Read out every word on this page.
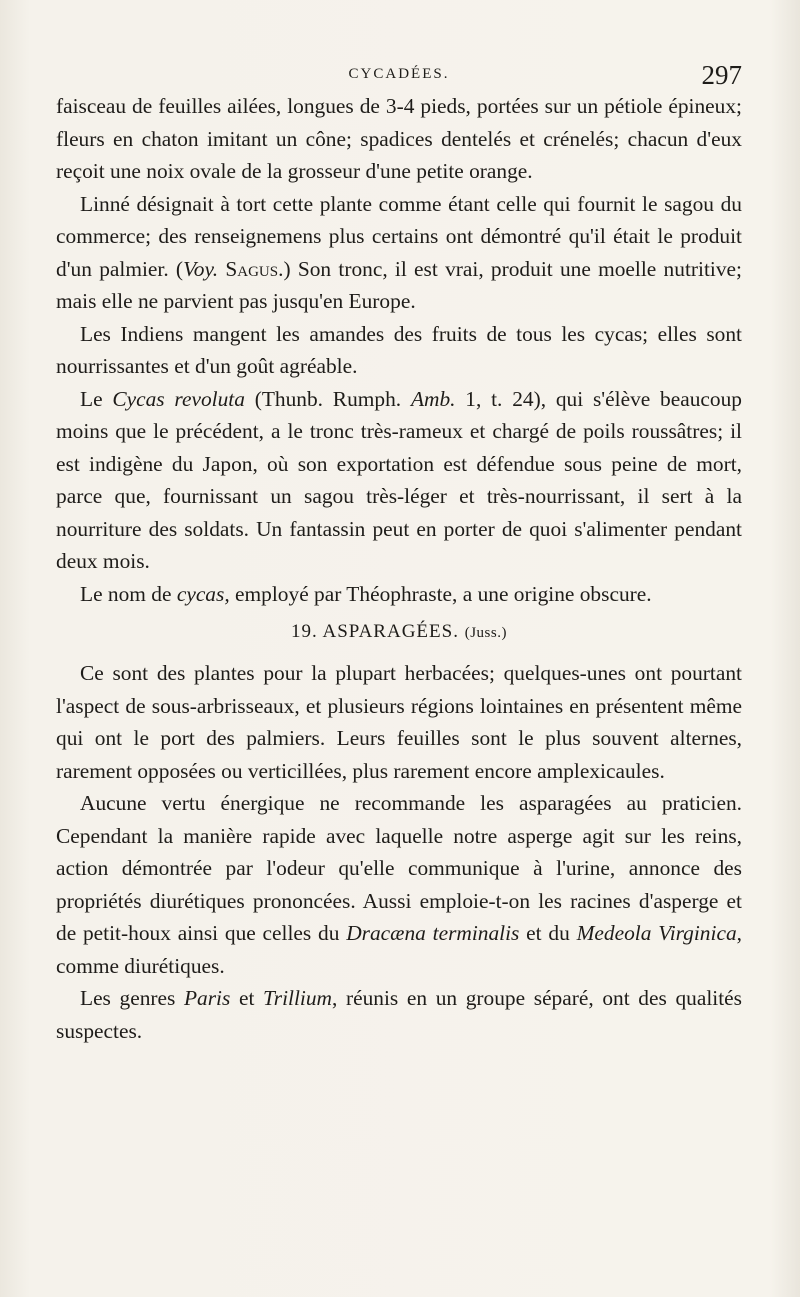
CYCADÉES.	297

faisceau de feuilles ailées, longues de 3-4 pieds, portées sur un pétiole épineux; fleurs en chaton imitant un cône; spadices dentelés et crénelés; chacun d'eux reçoit une noix ovale de la grosseur d'une petite orange.

Linné désignait à tort cette plante comme étant celle qui fournit le sagou du commerce; des renseignemens plus certains ont démontré qu'il était le produit d'un palmier. (Voy. Sagus.) Son tronc, il est vrai, produit une moelle nutritive; mais elle ne parvient pas jusqu'en Europe.

Les Indiens mangent les amandes des fruits de tous les cycas; elles sont nourrissantes et d'un goût agréable.

Le Cycas revoluta (Thunb. Rumph. Amb. 1, t. 24), qui s'élève beaucoup moins que le précédent, a le tronc très-rameux et chargé de poils roussâtres; il est indigène du Japon, où son exportation est défendue sous peine de mort, parce que, fournissant un sagou très-léger et très-nourrissant, il sert à la nourriture des soldats. Un fantassin peut en porter de quoi s'alimenter pendant deux mois.

Le nom de cycas, employé par Théophraste, a une origine obscure.

19. ASPARAGÉES. (Juss.)

Ce sont des plantes pour la plupart herbacées; quelques-unes ont pourtant l'aspect de sous-arbrisseaux, et plusieurs régions lointaines en présentent même qui ont le port des palmiers. Leurs feuilles sont le plus souvent alternes, rarement opposées ou verticillées, plus rarement encore amplexicaules.

Aucune vertu énergique ne recommande les asparagées au praticien. Cependant la manière rapide avec laquelle notre asperge agit sur les reins, action démontrée par l'odeur qu'elle communique à l'urine, annonce des propriétés diurétiques prononcées. Aussi emploie-t-on les racines d'asperge et de petit-houx ainsi que celles du Dracæna terminalis et du Medeola Virginica, comme diurétiques.

Les genres Paris et Trillium, réunis en un groupe séparé, ont des qualités suspectes.
